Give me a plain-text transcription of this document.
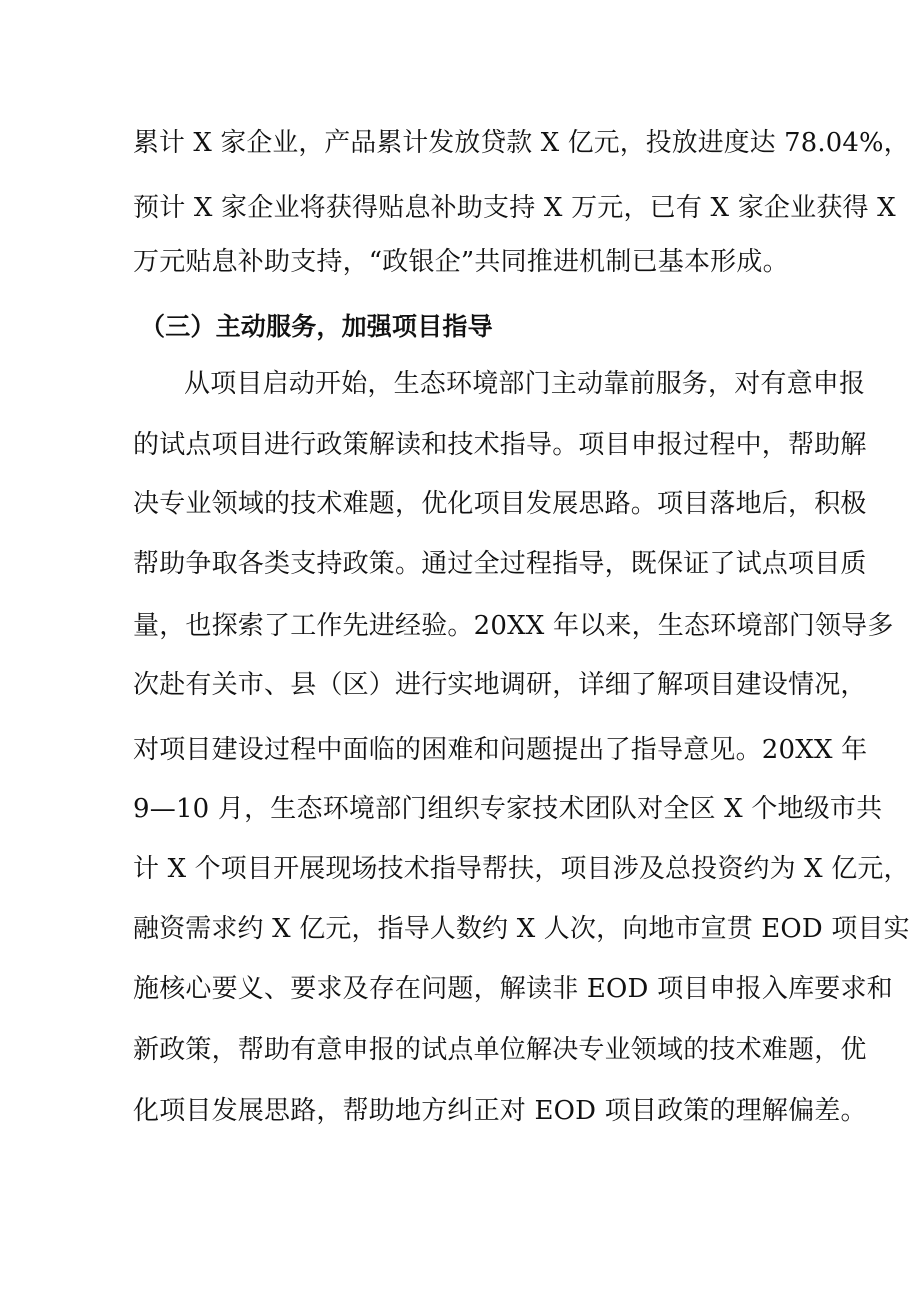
累计 X 家企业，产品累计发放贷款 X 亿元，投放进度达 78.04%，
预计 X 家企业将获得贴息补助支持 X 万元，已有 X 家企业获得 X
万元贴息补助支持，“政银企”共同推进机制已基本形成。
（三）主动服务，加强项目指导
从项目启动开始，生态环境部门主动靠前服务，对有意申报
的试点项目进行政策解读和技术指导。项目申报过程中，帮助解
决专业领域的技术难题，优化项目发展思路。项目落地后，积极
帮助争取各类支持政策。通过全过程指导，既保证了试点项目质
量，也探索了工作先进经验。20XX 年以来，生态环境部门领导多
次赴有关市、县（区）进行实地调研，详细了解项目建设情况，
对项目建设过程中面临的困难和问题提出了指导意见。20XX 年
9—10 月，生态环境部门组织专家技术团队对全区 X 个地级市共
计 X 个项目开展现场技术指导帮扶，项目涉及总投资约为 X 亿元，
融资需求约 X 亿元，指导人数约 X 人次，向地市宣贯 EOD 项目实
施核心要义、要求及存在问题，解读非 EOD 项目申报入库要求和
新政策，帮助有意申报的试点单位解决专业领域的技术难题，优
化项目发展思路，帮助地方纠正对 EOD 项目政策的理解偏差。
